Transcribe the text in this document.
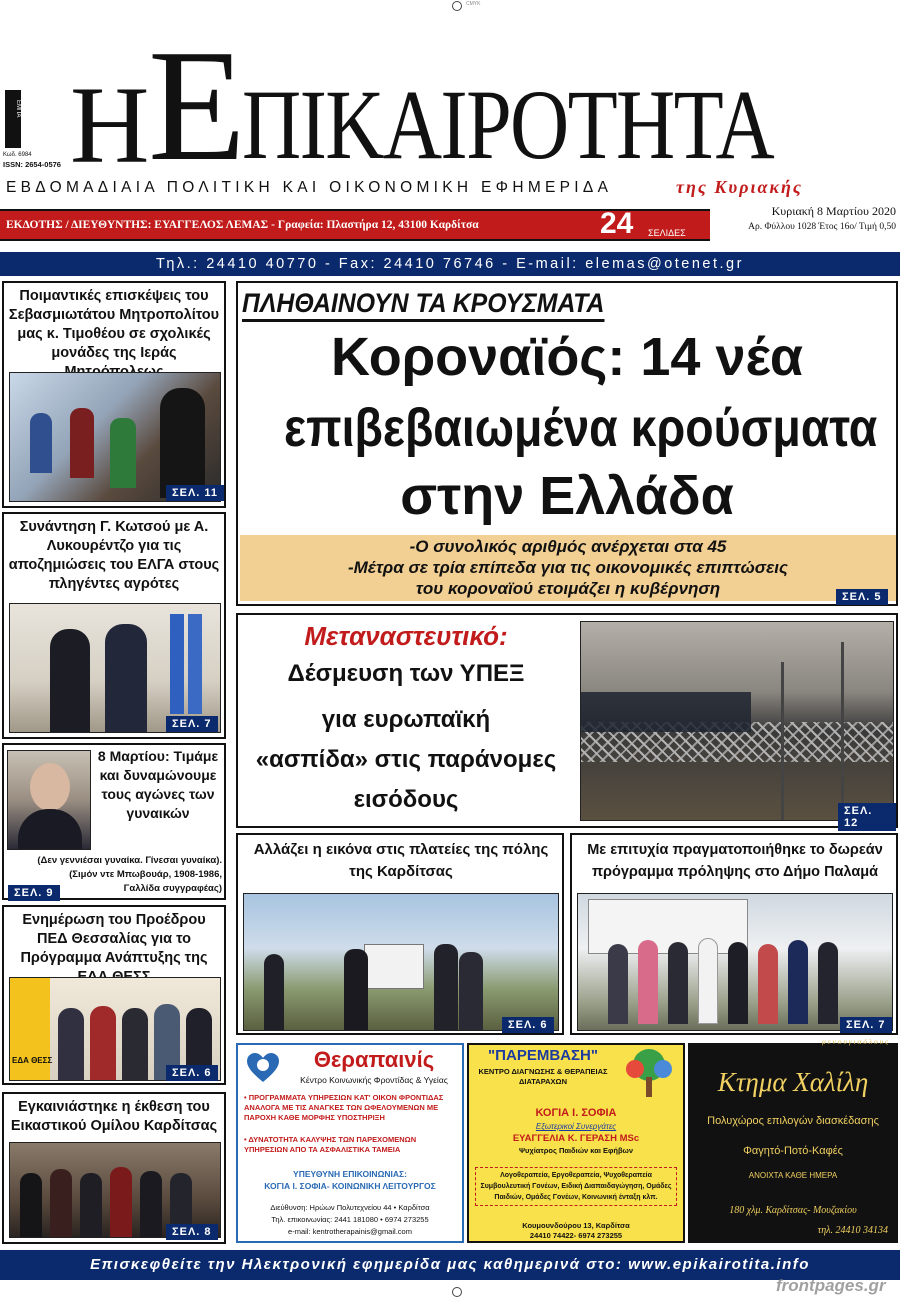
CMYK
ΕΜΠΑ
Κωδ. 6984
ISSN: 2654-0576 Η
Ε
ΠΙΚΑΙΡΟΤΗΤΑ
ΕΒΔΟΜΑΔΙΑΙΑ ΠΟΛΙΤΙΚΗ ΚΑΙ ΟΙΚΟΝΟΜΙΚΗ ΕΦΗΜΕΡΙΔΑ	της Κυριακής
ΕΚΔΟΤΗΣ / ΔΙΕΥΘΥΝΤΗΣ: ΕΥΑΓΓΕΛΟΣ ΛΕΜΑΣ - Γραφεία: Πλαστήρα 12, 43100 Καρδίτσα	24 ΣΕΛΙΔΕΣ
Κυριακή 8 Μαρτίου 2020
Αρ. Φύλλου 1028 Έτος 16ο/ Τιμή 0,50
Τηλ.: 24410 40770 - Fax: 24410 76746 - E-mail: elemas@otenet.gr
Ποιμαντικές επισκέψεις του Σεβασμιωτάτου Μητροπολίτου μας κ. Τιμοθέου σε σχολικές μονάδες της Ιεράς
ΣΕΛ. 11
Συνάντηση Γ. Κωτσού με Α. Λυκουρέντζο για τις αποζημιώσεις του ΕΛΓΑ στους πληγέντες αγρότες
ΣΕΛ. 7
8 Μαρτίου: Τιμάμε και δυναμώνουμε τους αγώνες των γυναικών
(Δεν γεννιέσαι γυναίκα. Γίνεσαι γυναίκα).
(Σιμόν ντε Μπωβουάρ, 1908-1986, Γαλλίδα συγγραφέας)
ΣΕΛ. 9
Ενημέρωση του Προέδρου ΠΕΔ Θεσσαλίας για το Πρόγραμμα Ανάπτυξης της
ΕΔΑ ΘΕΣΣ
ΣΕΛ. 6
Εγκαινιάστηκε η έκθεση του Εικαστικού Ομίλου Καρδίτσας
ΣΕΛ. 8
ΠΛΗΘΑΙΝΟΥΝ ΤΑ ΚΡΟΥΣΜΑΤΑ
Κοροναϊός: 14 νέα
επιβεβαιωμένα κρούσματα
στην Ελλάδα
-Ο συνολικός αριθμός ανέρχεται στα 45
-Μέτρα σε τρία επίπεδα για τις οικονομικές επιπτώσεις
του κοροναϊού ετοιμάζει η κυβέρνηση	ΣΕΛ. 5
Μεταναστευτικό:
Δέσμευση των ΥΠΕΞ
για ευρωπαϊκή
«ασπίδα» στις παράνομες
εισόδους	ΣΕΛ. 12
Αλλάζει η εικόνα στις πλατείες της πόλης της Καρδίτσας
ΣΕΛ. 6
Με επιτυχία πραγματοποιήθηκε το δωρεάν πρόγραμμα πρόληψης στο Δήμο Παλαμά
ΣΕΛ. 7
Θεραπαινίς
Κέντρο Κοινωνικής Φροντίδας & Υγείας
• ΠΡΟΓΡΑΜΜΑΤΑ ΥΠΗΡΕΣΙΩΝ ΚΑΤ' ΟΙΚΟΝ ΦΡΟΝΤΙΔΑΣ ΑΝΑΛΟΓΑ ΜΕ ΤΙΣ ΑΝΑΓΚΕΣ ΤΩΝ ΩΦΕΛΟΥΜΕΝΩΝ ΜΕ ΠΑΡΟΧΗ ΚΑΘΕ ΜΟΡΦΗΣ ΥΠΟΣΤΗΡΙΞΗ
• ΔΥΝΑΤΟΤΗΤΑ ΚΑΛΥΨΗΣ ΤΩΝ ΠΑΡΕΧΟΜΕΝΩΝ ΥΠΗΡΕΣΙΩΝ ΑΠΟ ΤΑ ΑΣΦΑΛΙΣΤΙΚΑ ΤΑΜΕΙΑ
ΥΠΕΥΘΥΝΗ ΕΠΙΚΟΙΝΩΝΙΑΣ:
ΚΟΓΙΑ Ι. ΣΟΦΙΑ- ΚΟΙΝΩΝΙΚΗ ΛΕΙΤΟΥΡΓΟΣ
Διεύθυνση: Ηρώων Πολυτεχνείου 44 • Καρδίτσα
Τηλ. επικοινωνίας: 2441 181080 • 6974 273255
e-mail: kentrotherapainis@gmail.com
"ΠΑΡΕΜΒΑΣΗ"
ΚΕΝΤΡΟ ΔΙΑΓΝΩΣΗΣ & ΘΕΡΑΠΕΙΑΣ ΔΙΑΤΑΡΑΧΩΝ
ΚΟΓΙΑ Ι. ΣΟΦΙΑ
Εξωτερικοί Συνεργάτες
ΕΥΑΓΓΕΛΙΑ Κ. ΓΕΡΑΣΗ MSc
Ψυχίατρος Παιδιών και Εφήβων
Λογοθεραπεία, Εργοθεραπεία, Ψυχοθεραπεία Συμβουλευτική Γονέων, Ειδική Διαπαιδαγώγηση, Ομάδες Παιδιών, Ομάδες Γονέων, Κοινωνική ένταξη κλπ.
Κουμουνδούρου 13, Καρδίτσα
24410 74422- 6974 273255
μ ε ν ο υ γ ι α ό λ ο υ ς
Κτημα Χαλίλη
Πολυχώρος επιλογών διασκέδασης
Φαγητό-Ποτό-Καφές
ΑΝΟΙΧΤΑ ΚΑΘΕ ΗΜΕΡΑ
180 χλμ. Καρδίτσας- Μουζακίου
τηλ. 24410 34134
Επισκεφθείτε την Ηλεκτρονική εφημερίδα μας καθημερινά στο: www.epikairotita.info
frontpages.gr
